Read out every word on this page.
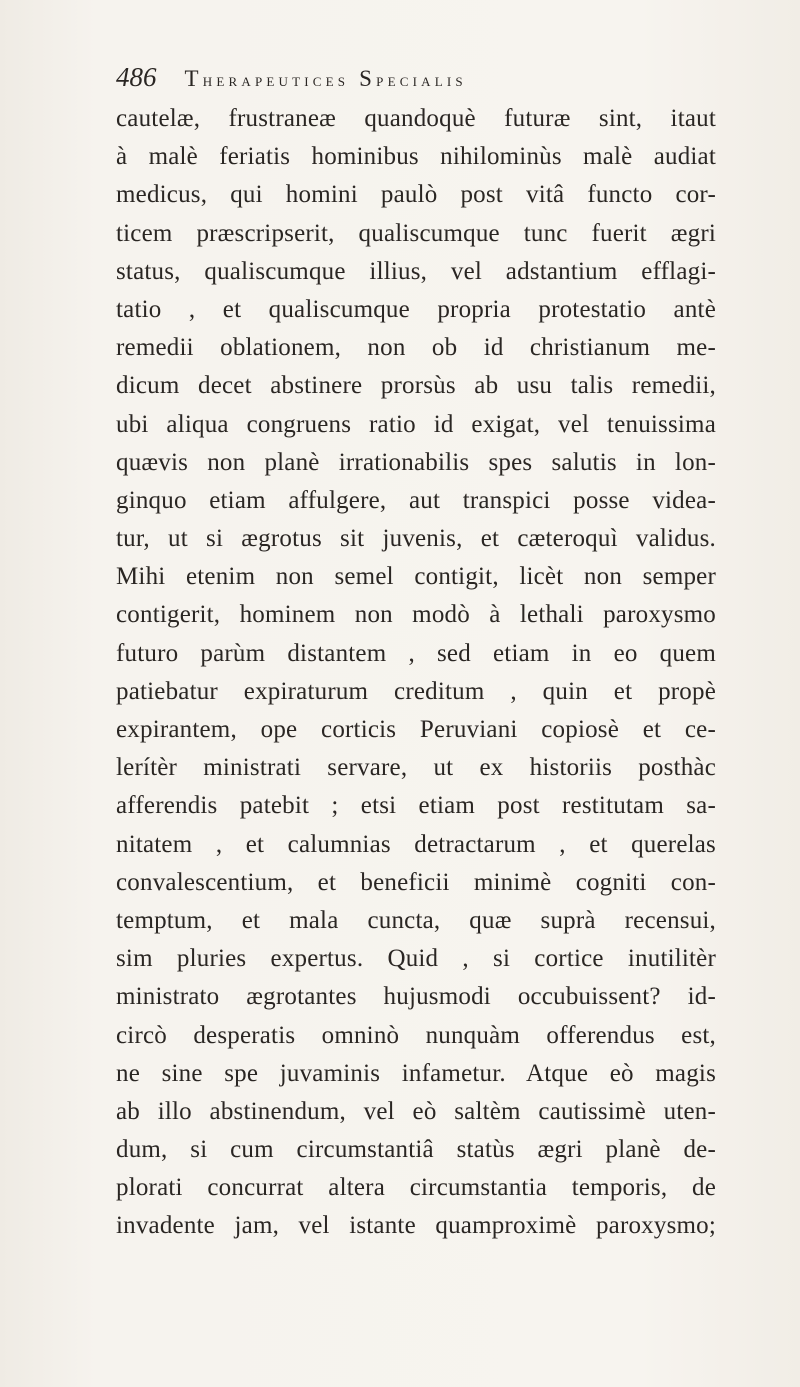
486 Therapeutices Specialis
cautelæ, frustraneæ quandoquè futuræ sint, itaut
à malè feriatis hominibus nihilominùs malè audiat
medicus, qui homini paulò post vitâ functo cor-
ticem præscripserit, qualiscumque tunc fuerit ægri
status, qualiscumque illius, vel adstantium efflagi-
tatio , et qualiscumque propria protestatio antè
remedii oblationem, non ob id christianum me-
dicum decet abstinere prorsùs ab usu talis remedii,
ubi aliqua congruens ratio id exigat, vel tenuissima
quævis non planè irrationabilis spes salutis in lon-
ginquo etiam affulgere, aut transpici posse videa-
tur, ut si ægrotus sit juvenis, et cæteroquì validus.
Mihi etenim non semel contigit, licèt non semper
contigerit, hominem non modò à lethali paroxysmo
futuro parùm distantem , sed etiam in eo quem
patiebatur expiraturum creditum , quin et propè
expirantem, ope corticis Peruviani copiosè et ce-
lerítèr ministrati servare, ut ex historiis posthàc
afferendis patebit ; etsi etiam post restitutam sa-
nitatem , et calumnias detractarum , et querelas
convalescentium, et beneficii minimè cogniti con-
temptum, et mala cuncta, quæ suprà recensui,
sim pluries expertus. Quid , si cortice inutilitèr
ministrato ægrotantes hujusmodi occubuissent? id-
circò desperatis omninò nunquàm offerendus est,
ne sine spe juvaminis infametur. Atque eò magis
ab illo abstinendum, vel eò saltèm cautissimè uten-
dum, si cum circumstantiâ statùs ægri planè de-
plorati concurrat altera circumstantia temporis, de
invadente jam, vel istante quamproximè paroxysmo;
